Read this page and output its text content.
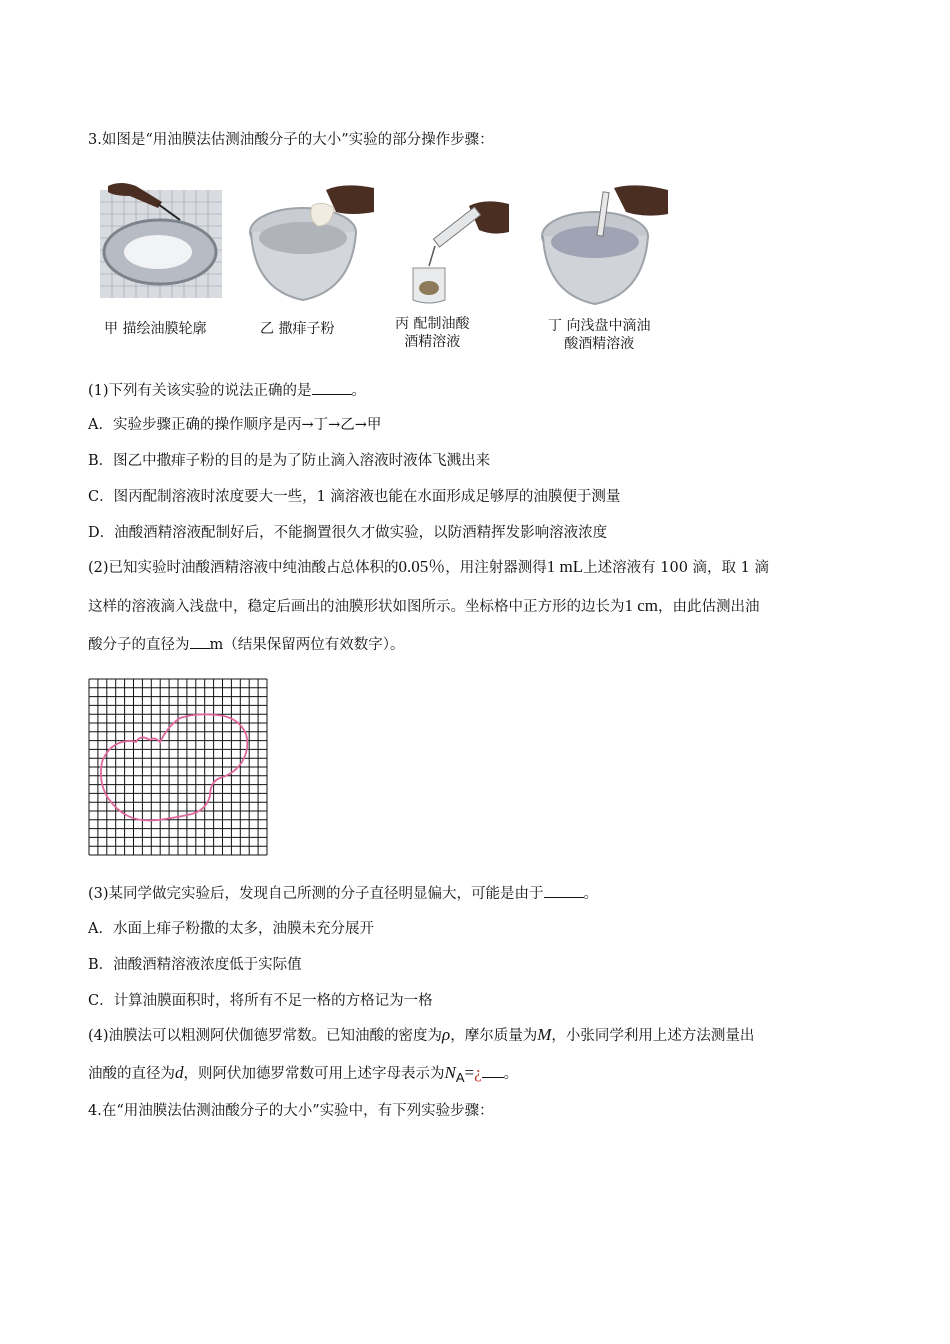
3.如图是“用油膜法估测油酸分子的大小”实验的部分操作步骤：
甲 描绘油膜轮廓	乙 撒痱子粉	丙 配制油酸
酒精溶液
丁 向浅盘中滴油
酸酒精溶液
(1)下列有关该实验的说法正确的是	。
A．实验步骤正确的操作顺序是丙→丁→乙→甲
B．图乙中撒痱子粉的目的是为了防止滴入溶液时液体飞溅出来
C．图丙配制溶液时浓度要大一些，1 滴溶液也能在水面形成足够厚的油膜便于测量
D．油酸酒精溶液配制好后，不能搁置很久才做实验，以防酒精挥发影响溶液浓度
(2)已知实验时油酸酒精溶液中纯油酸占总体积的0.05％，用注射器测得1 mL上述溶液有 100 滴，取 1 滴
这样的溶液滴入浅盘中，稳定后画出的油膜形状如图所示。坐标格中正方形的边长为1 cm，由此估测出油
酸分子的直径为 m（结果保留两位有效数字）。
(3)某同学做完实验后，发现自己所测的分子直径明显偏大，可能是由于	。
A．水面上痱子粉撒的太多，油膜未充分展开
B．油酸酒精溶液浓度低于实际值
C．计算油膜面积时，将所有不足一格的方格记为一格
(4)油膜法可以粗测阿伏伽德罗常数。已知油酸的密度为ρ，摩尔质量为M，小张同学利用上述方法测量出
油酸的直径为d，则阿伏加德罗常数可用上述字母表示为$N_A=¿$ 。
4.在“用油膜法估测油酸分子的大小”实验中，有下列实验步骤：
